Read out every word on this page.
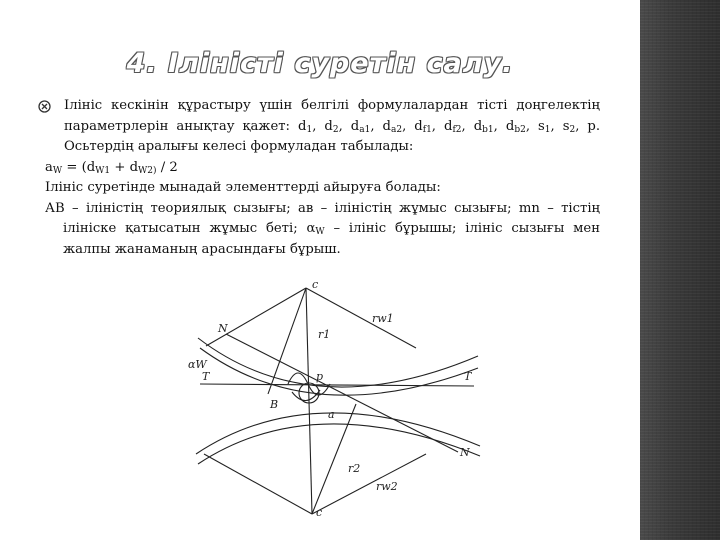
4. Іліністі суретін салу.

Ілініс кескінін құрастыру үшін белгілі формулалардан тісті доңгелектің параметрлерін анықтау қажет: $d_1$, $d_2$, $d_{a1}$, $d_{a2}$, $d_{f1}$, $d_{f2}$, $d_{b1}$, $d_{b2}$, $s_1$, $s_2$, р. Осьтердің аралығы келесі формуладан табылады:

$a_W = (d_{W1} + d_{W2)} / 2$

Ілініс суретінде мынадай элементтерді айыруға болады:

АВ – іліністің теориялық сызығы; ав – іліністің жұмыс сызығы; mn – тістің ілініске қатысатын жұмыс беті; $\alpha_W$ – ілініс бұрышы; ілініс сызығы мен жалпы жанаманың арасындағы бұрыш.

c
c
T	T
N
N
αW
В
r1
r2
rw1
rw2
a
р
